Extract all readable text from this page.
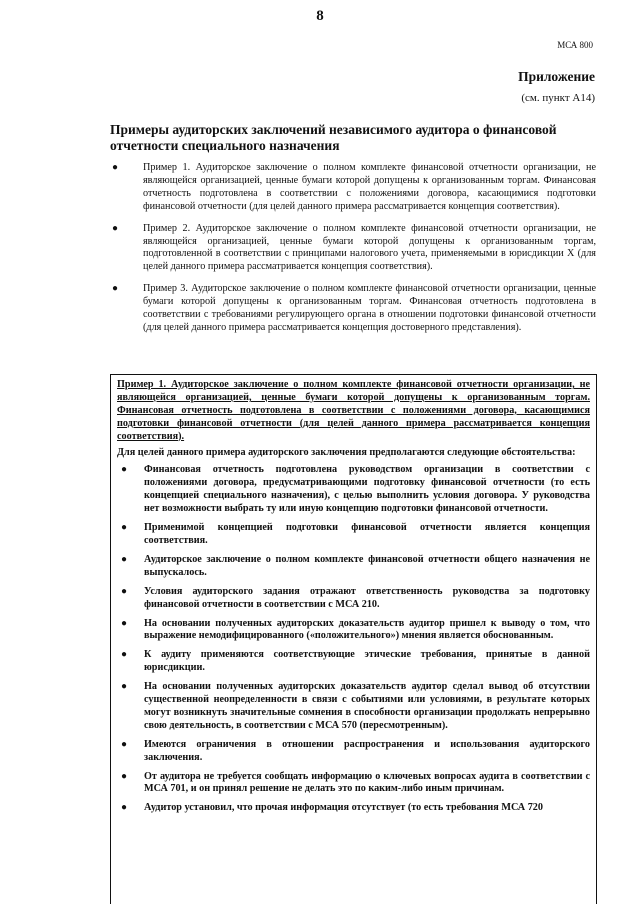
8
МСА 800
Приложение
(см. пункт А14)
Примеры аудиторских заключений независимого аудитора о финансовой отчетности специального назначения
● Пример 1. Аудиторское заключение о полном комплекте финансовой отчетности организации, не являющейся организацией, ценные бумаги которой допущены к организованным торгам. Финансовая отчетность подготовлена в соответствии с положениями договора, касающимися подготовки финансовой отчетности (для целей данного примера рассматривается концепция соответствия).
● Пример 2. Аудиторское заключение о полном комплекте финансовой отчетности организации, не являющейся организацией, ценные бумаги которой допущены к организованным торгам, подготовленной в соответствии с принципами налогового учета, применяемыми в юрисдикции X (для целей данного примера рассматривается концепция соответствия).
● Пример 3. Аудиторское заключение о полном комплекте финансовой отчетности организации, ценные бумаги которой допущены к организованным торгам. Финансовая отчетность подготовлена в соответствии с требованиями регулирующего органа в отношении подготовки финансовой отчетности (для целей данного примера рассматривается концепция достоверного представления).

Пример 1. Аудиторское заключение о полном комплекте финансовой отчетности организации, не являющейся организацией, ценные бумаги которой допущены к организованным торгам. Финансовая отчетность подготовлена в соответствии с положениями договора, касающимися подготовки финансовой отчетности (для целей данного примера рассматривается концепция соответствия).

Для целей данного примера аудиторского заключения предполагаются следующие обстоятельства:

● Финансовая отчетность подготовлена руководством организации в соответствии с положениями договора, предусматривающими подготовку финансовой отчетности (то есть концепцией специального назначения), с целью выполнить условия договора. У руководства нет возможности выбрать ту или иную концепцию подготовки финансовой отчетности.
● Применимой концепцией подготовки финансовой отчетности является концепция соответствия.
● Аудиторское заключение о полном комплекте финансовой отчетности общего назначения не выпускалось.
● Условия аудиторского задания отражают ответственность руководства за подготовку финансовой отчетности в соответствии с МСА 210.
● На основании полученных аудиторских доказательств аудитор пришел к выводу о том, что выражение немодифицированного («положительного») мнения является обоснованным.
● К аудиту применяются соответствующие этические требования, принятые в данной юрисдикции.
● На основании полученных аудиторских доказательств аудитор сделал вывод об отсутствии существенной неопределенности в связи с событиями или условиями, в результате которых могут возникнуть значительные сомнения в способности организации продолжать непрерывно свою деятельность, в соответствии с МСА 570 (пересмотренным).
● Имеются ограничения в отношении распространения и использования аудиторского заключения.
● От аудитора не требуется сообщать информацию о ключевых вопросах аудита в соответствии с МСА 701, и он принял решение не делать это по каким-либо иным причинам.
● Аудитор установил, что прочая информация отсутствует (то есть требования МСА 720
